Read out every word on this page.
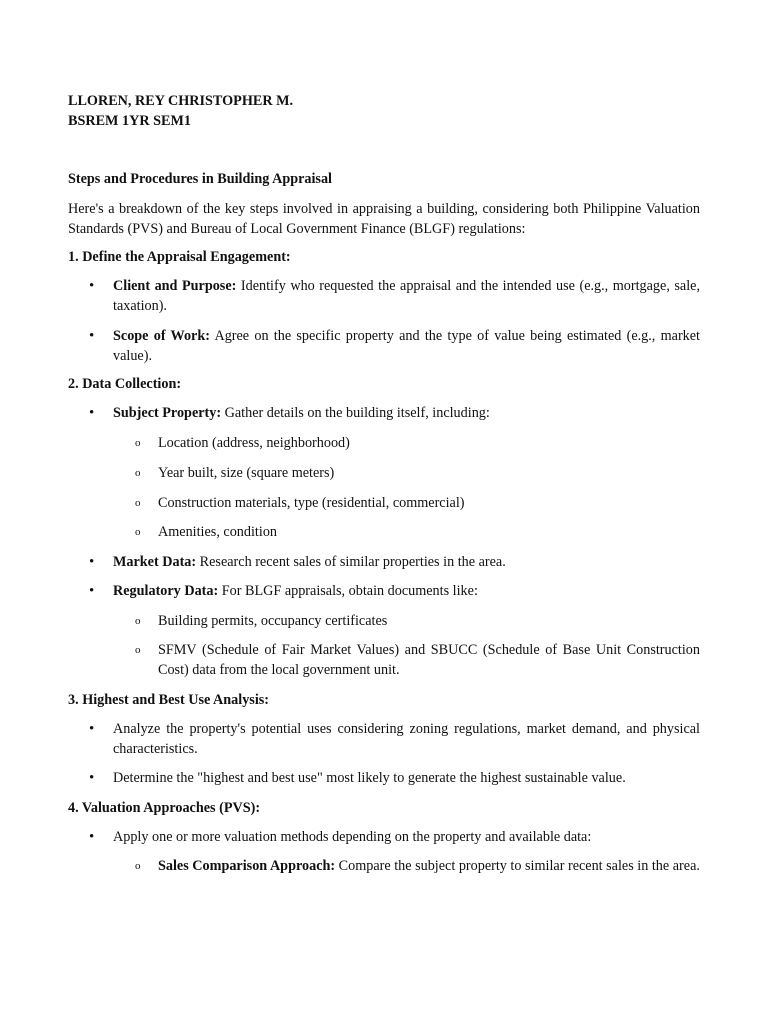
LLOREN, REY CHRISTOPHER M.
BSREM 1YR SEM1
Steps and Procedures in Building Appraisal
Here's a breakdown of the key steps involved in appraising a building, considering both Philippine Valuation Standards (PVS) and Bureau of Local Government Finance (BLGF) regulations:
1. Define the Appraisal Engagement:
• Client and Purpose: Identify who requested the appraisal and the intended use (e.g., mortgage, sale, taxation).
• Scope of Work: Agree on the specific property and the type of value being estimated (e.g., market value).
2. Data Collection:
• Subject Property: Gather details on the building itself, including:
o Location (address, neighborhood)
o Year built, size (square meters)
o Construction materials, type (residential, commercial)
o Amenities, condition
• Market Data: Research recent sales of similar properties in the area.
• Regulatory Data: For BLGF appraisals, obtain documents like:
o Building permits, occupancy certificates
o SFMV (Schedule of Fair Market Values) and SBUCC (Schedule of Base Unit Construction Cost) data from the local government unit.
3. Highest and Best Use Analysis:
• Analyze the property's potential uses considering zoning regulations, market demand, and physical characteristics.
• Determine the "highest and best use" most likely to generate the highest sustainable value.
4. Valuation Approaches (PVS):
• Apply one or more valuation methods depending on the property and available data:
o Sales Comparison Approach: Compare the subject property to similar recent sales in the area.
